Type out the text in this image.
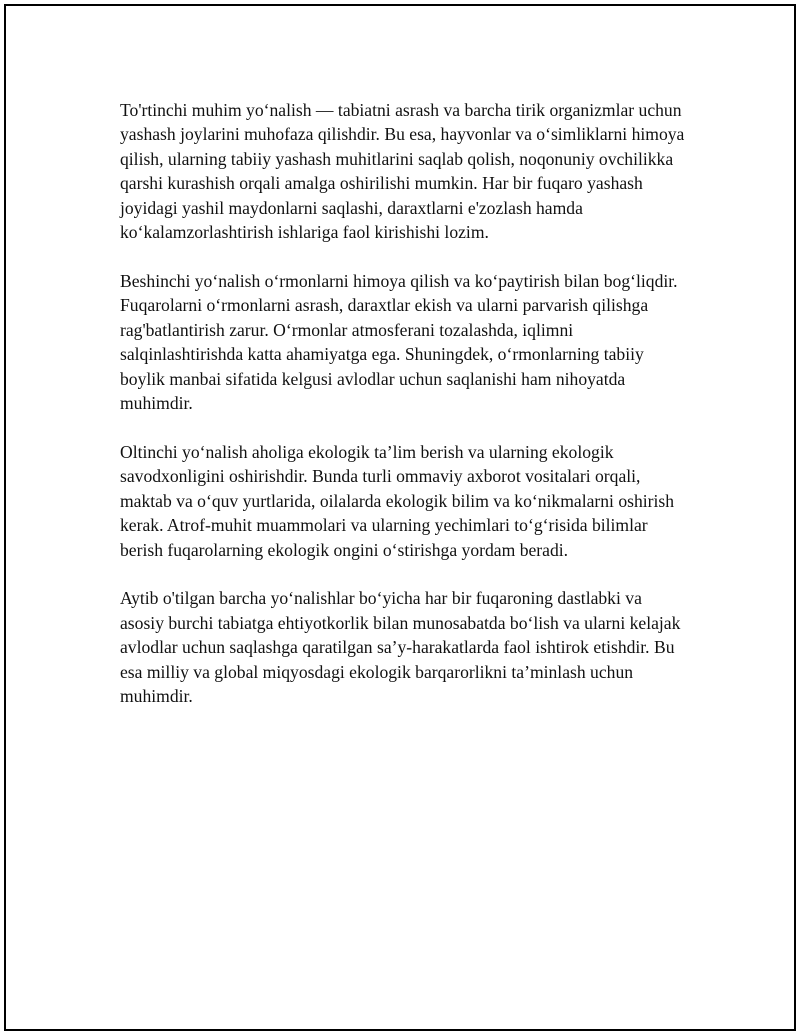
To'rtinchi muhim yo‘nalish — tabiatni asrash va barcha tirik organizmlar uchun yashash joylarini muhofaza qilishdir. Bu esa, hayvonlar va o‘simliklarni himoya qilish, ularning tabiiy yashash muhitlarini saqlab qolish, noqonuniy ovchilikka qarshi kurashish orqali amalga oshirilishi mumkin. Har bir fuqaro yashash joyidagi yashil maydonlarni saqlashi, daraxtlarni e'zozlash hamda ko‘kalamzorlashtirish ishlariga faol kirishishi lozim.

Beshinchi yo‘nalish o‘rmonlarni himoya qilish va ko‘paytirish bilan bog‘liqdir. Fuqarolarni o‘rmonlarni asrash, daraxtlar ekish va ularni parvarish qilishga rag'batlantirish zarur. O‘rmonlar atmosferani tozalashda, iqlimni salqinlashtirishda katta ahamiyatga ega. Shuningdek, o‘rmonlarning tabiiy boylik manbai sifatida kelgusi avlodlar uchun saqlanishi ham nihoyatda muhimdir.

Oltinchi yo‘nalish aholiga ekologik ta’lim berish va ularning ekologik savodxonligini oshirishdir. Bunda turli ommaviy axborot vositalari orqali, maktab va o‘quv yurtlarida, oilalarda ekologik bilim va ko‘nikmalarni oshirish kerak. Atrof-muhit muammolari va ularning yechimlari to‘g‘risida bilimlar berish fuqarolarning ekologik ongini o‘stirishga yordam beradi.

Aytib o'tilgan barcha yo‘nalishlar bo‘yicha har bir fuqaroning dastlabki va asosiy burchi tabiatga ehtiyotkorlik bilan munosabatda bo‘lish va ularni kelajak avlodlar uchun saqlashga qaratilgan sa’y-harakatlarda faol ishtirok etishdir. Bu esa milliy va global miqyosdagi ekologik barqarorlikni ta’minlash uchun muhimdir.
